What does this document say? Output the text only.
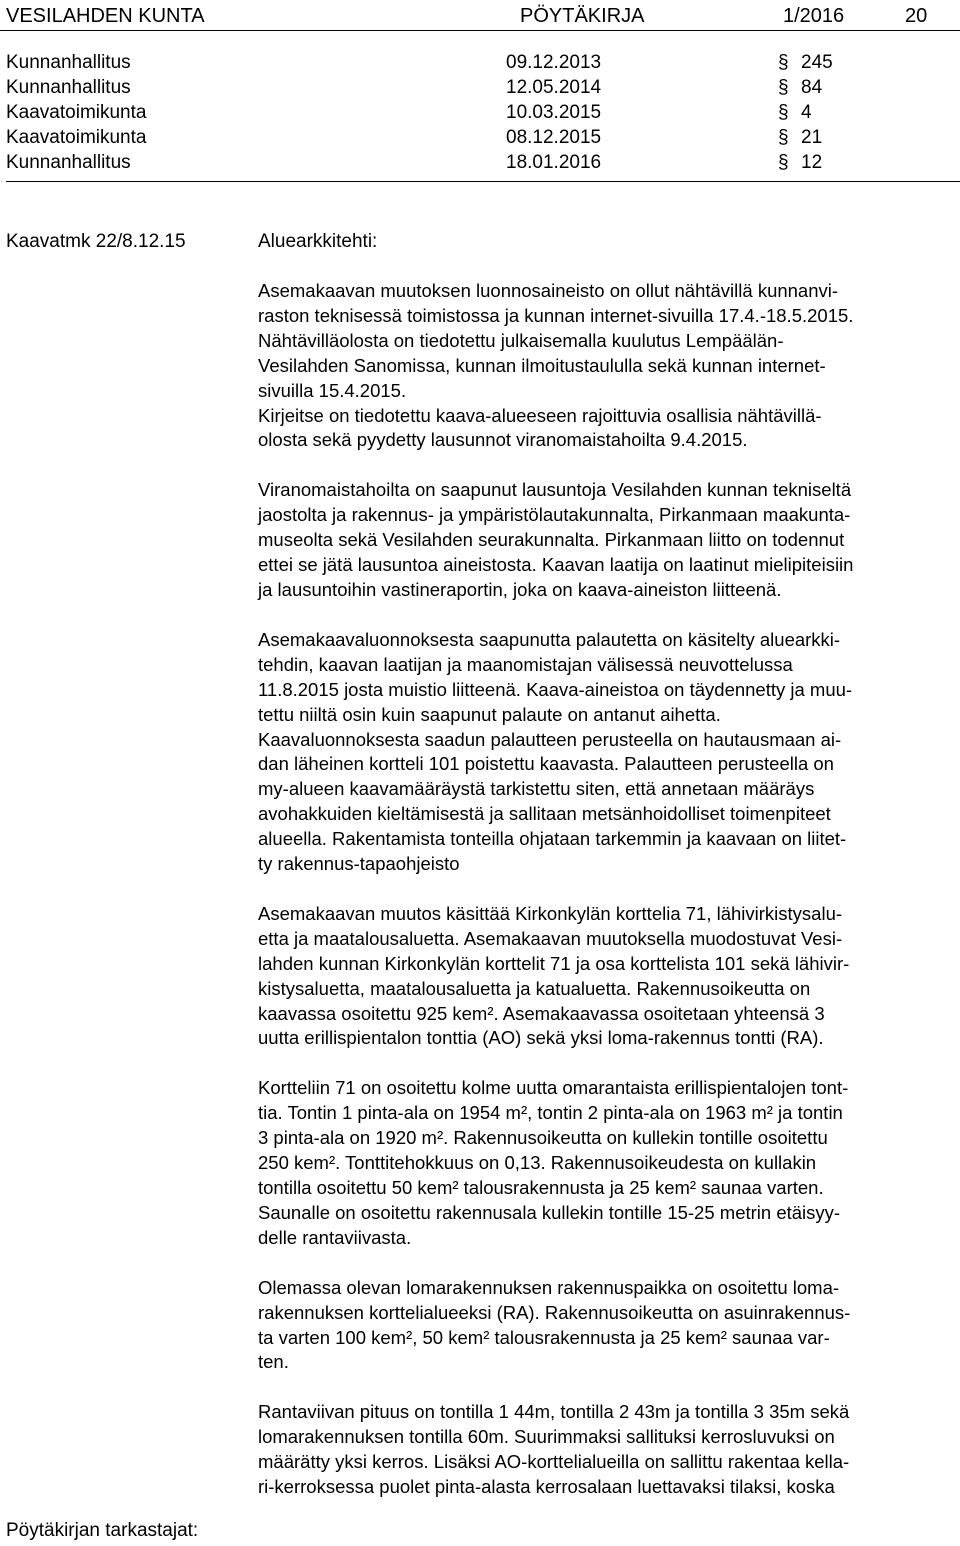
VESILAHDEN KUNTA	PÖYTÄKIRJA	1/2016	20
Kunnanhallitus	09.12.2013	§ 245
Kunnanhallitus	12.05.2014	§ 84
Kaavatoimikunta	10.03.2015	§ 4
Kaavatoimikunta	08.12.2015	§ 21
Kunnanhallitus	18.01.2016	§ 12
Kaavatmk 22/8.12.15	Aluearkkitehti:

Asemakaavan muutoksen luonnosaineisto on ollut nähtävillä kunnanvi-
raston teknisessä toimistossa ja kunnan internet-sivuilla 17.4.-18.5.2015.
Nähtävilläolosta on tiedotettu julkaisemalla kuulutus Lempäälän-
Vesilahden Sanomissa, kunnan ilmoitustaululla sekä kunnan internet-
sivuilla 15.4.2015.
Kirjeitse on tiedotettu kaava-alueeseen rajoittuvia osallisia nähtävillä-
olosta sekä pyydetty lausunnot viranomaistahoilta 9.4.2015.

Viranomaistahoilta on saapunut lausuntoja Vesilahden kunnan tekniseltä
jaostolta ja rakennus- ja ympäristölautakunnalta, Pirkanmaan maakunta-
museolta sekä Vesilahden seurakunnalta. Pirkanmaan liitto on todennut
ettei se jätä lausuntoa aineistosta. Kaavan laatija on laatinut mielipiteisiin
ja lausuntoihin vastineraportin, joka on kaava-aineiston liitteenä.

Asemakaavaluonnoksesta saapunutta palautetta on käsitelty aluearkki-
tehdin, kaavan laatijan ja maanomistajan välisessä neuvottelussa
11.8.2015 josta muistio liitteenä. Kaava-aineistoa on täydennetty ja muu-
tettu niiltä osin kuin saapunut palaute on antanut aihetta.
Kaavaluonnoksesta saadun palautteen perusteella on hautausmaan ai-
dan läheinen kortteli 101 poistettu kaavasta. Palautteen perusteella on
my-alueen kaavamääräystä tarkistettu siten, että annetaan määräys
avohakkuiden kieltämisestä ja sallitaan metsänhoidolliset toimenpiteet
alueella. Rakentamista tonteilla ohjataan tarkemmin ja kaavaan on liitet-
ty rakennus-tapaohjeisto

Asemakaavan muutos käsittää Kirkonkylän korttelia 71, lähivirkistysalu-
etta ja maatalousaluetta. Asemakaavan muutoksella muodostuvat Vesi-
lahden kunnan Kirkonkylän korttelit 71 ja osa korttelista 101 sekä lähivir-
kistysaluetta, maatalousaluetta ja katualuetta. Rakennusoikeutta on
kaavassa osoitettu 925 kem². Asemakaavassa osoitetaan yhteensä 3
uutta erillispientalon tonttia (AO) sekä yksi loma-rakennus tontti (RA).

Kortteliin 71 on osoitettu kolme uutta omarantaista erillispientalojen tont-
tia. Tontin 1 pinta-ala on 1954 m², tontin 2 pinta-ala on 1963 m² ja tontin
3 pinta-ala on 1920 m². Rakennusoikeutta on kullekin tontille osoitettu
250 kem². Tonttitehokkuus on 0,13. Rakennusoikeudesta on kullakin
tontilla osoitettu 50 kem² talousrakennusta ja 25 kem² saunaa varten.
Saunalle on osoitettu rakennusala kullekin tontille 15-25 metrin etäisyy-
delle rantaviivasta.

Olemassa olevan lomarakennuksen rakennuspaikka on osoitettu loma-
rakennuksen korttelialueeksi (RA). Rakennusoikeutta on asuinrakennus-
ta varten 100 kem², 50 kem² talousrakennusta ja 25 kem² saunaa var-
ten.

Rantaviivan pituus on tontilla 1 44m, tontilla 2 43m ja tontilla 3 35m sekä
lomarakennuksen tontilla 60m. Suurimmaksi sallituksi kerrosluvuksi on
määrätty yksi kerros. Lisäksi AO-korttelialueilla on sallittu rakentaa kella-
ri-kerroksessa puolet pinta-alasta kerrosalaan luettavaksi tilaksi, koska

Pöytäkirjan tarkastajat:
